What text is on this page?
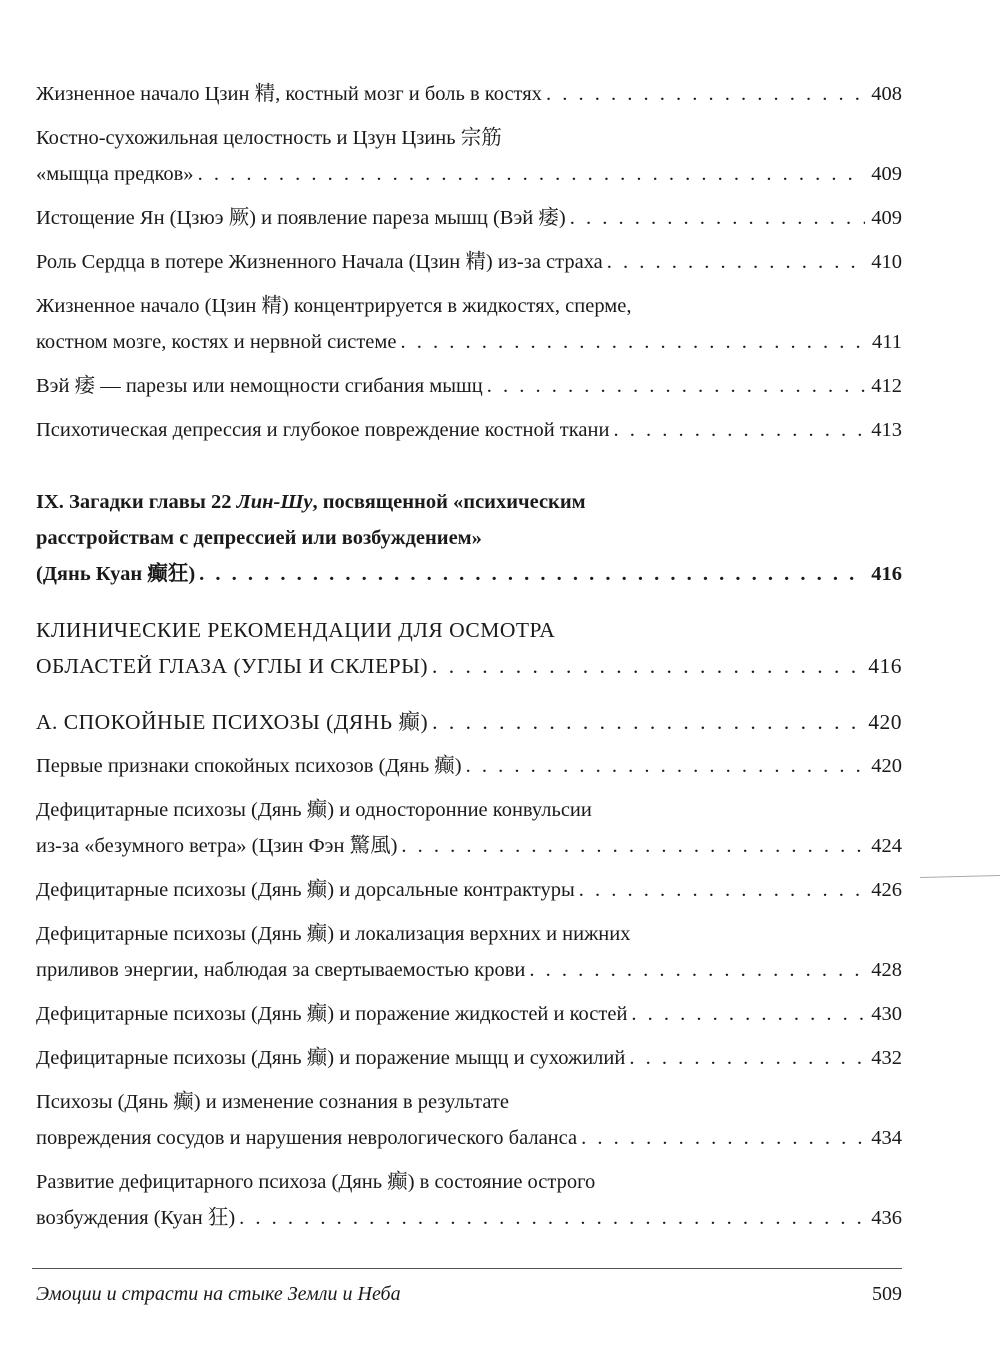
Жизненное начало Цзин 精, костный мозг и боль в костях . . .	408
Костно-сухожильная целостность и Цзун Цзинь 宗筋
«мыщца предков» . . .	409
Истощение Ян (Цзюэ 厥) и появление пареза мышц (Вэй 痿) . . .	409
Роль Сердца в потере Жизненного Начала (Цзин 精) из-за страха . . .	410
Жизненное начало (Цзин 精) концентрируется в жидкостях, сперме,
костном мозге, костях и нервной системе . . .	411
Вэй 痿 — парезы или немощности сгибания мышц . . .	412
Психотическая депрессия и глубокое повреждение костной ткани . . .	413
IX. Загадки главы 22 Лин-Шу, посвященной «психическим
расстройствам с депрессией или возбуждением»
(Дянь Куан 癫狂) . . .	416
КЛИНИЧЕСКИЕ РЕКОМЕНДАЦИИ ДЛЯ ОСМОТРА
ОБЛАСТЕЙ ГЛАЗА (УГЛЫ И СКЛЕРЫ) . . .	416
А. СПОКОЙНЫЕ ПСИХОЗЫ (ДЯНЬ 癫) . . .	420
Первые признаки спокойных психозов (Дянь 癫) . . .	420
Дефицитарные психозы (Дянь 癫) и односторонние конвульсии
из-за «безумного ветра» (Цзин Фэн 驚風) . . .	424
Дефицитарные психозы (Дянь 癫) и дорсальные контрактуры . . .	426
Дефицитарные психозы (Дянь 癫) и локализация верхних и нижних
приливов энергии, наблюдая за свертываемостью крови . . .	428
Дефицитарные психозы (Дянь 癫) и поражение жидкостей и костей . . .	430
Дефицитарные психозы (Дянь 癫) и поражение мыщц и сухожилий . . .	432
Психозы (Дянь 癫) и изменение сознания в результате
повреждения сосудов и нарушения неврологического баланса . . .	434
Развитие дефицитарного психоза (Дянь 癫) в состояние острого
возбуждения (Куан 狂) . . .	436
Эмоции и страсти на стыке Земли и Неба	509
